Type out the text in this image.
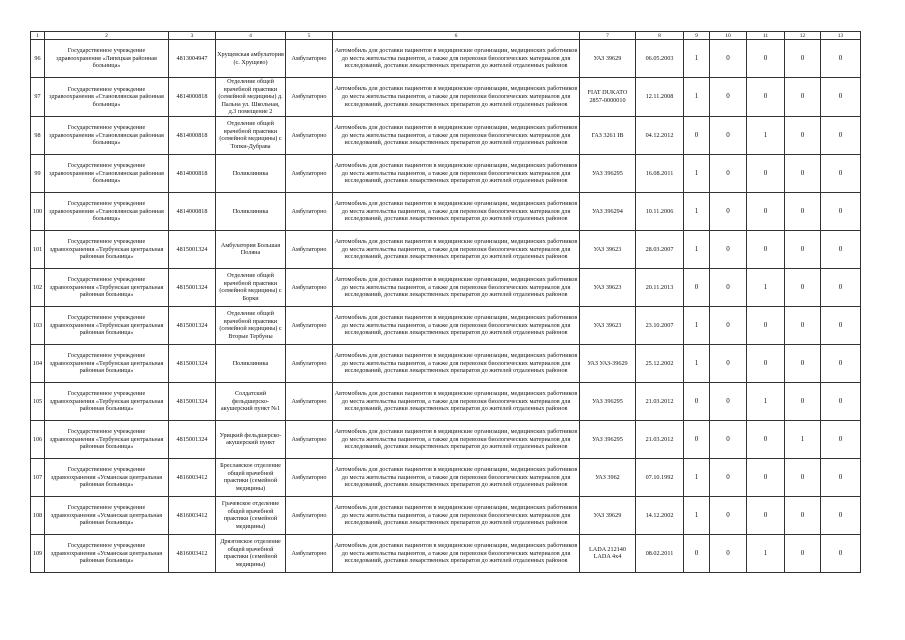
1	2	3	4	5	6	7	8	9	10	11	12	13
96	Государственное учреждение здравоохранения «Липецкая районная больница»	4813004947	Хрущевская амбулатория (с. Хрущево)	Амбулаторно	Автомобиль для доставки пациентов в медицинские организации, медицинских работников до места жительства пациентов, а также для перевозки биологических материалов для исследований, доставки лекарственных препаратов до жителей отдаленных районов	УАЗ 39629	06.05.2003	1	0	0	0	0
97	Государственное учреждение здравоохранения «Становлянская районная больница»	4814000818	Отделение общей врачебной практики (семейной медицины) д. Пальна ул. Школьная, д.3 помещение 2	Амбулаторно	Автомобиль для доставки пациентов в медицинские организации, медицинских работников до места жительства пациентов, а также для перевозки биологических материалов для исследований, доставки лекарственных препаратов до жителей отдаленных районов	FIAT DUKATO 2857-0000010	12.11.2008	1	0	0	0	0
98	Государственное учреждение здравоохранения «Становлянская районная больница»	4814000818	Отделение общей врачебной практики (семейной медицины) с Топки-Дубрава	Амбулаторно	Автомобиль для доставки пациентов в медицинские организации, медицинских работников до места жительства пациентов, а также для перевозки биологических материалов для исследований, доставки лекарственных препаратов до жителей отдаленных районов	ГАЗ 3261 IB	04.12.2012	0	0	1	0	0
99	Государственное учреждение здравоохранения «Становлянская районная больница»	4814000818	Поликлиника	Амбулаторно	Автомобиль для доставки пациентов в медицинские организации, медицинских работников до места жительства пациентов, а также для перевозки биологических материалов для исследований, доставки лекарственных препаратов до жителей отдаленных районов	УАЗ 396295	16.08.2011	1	0	0	0	0
100	Государственное учреждение здравоохранения «Становлянская районная больница»	4814000818	Поликлиника	Амбулаторно	Автомобиль для доставки пациентов в медицинские организации, медицинских работников до места жительства пациентов, а также для перевозки биологических материалов для исследований, доставки лекарственных препаратов до жителей отдаленных районов	УАЗ 396294	10.11.2006	1	0	0	0	0
101	Государственное учреждение здравоохранения «Тербунская центральная районная больница»	4815001324	Амбулатория Большая Поляна	Амбулаторно	Автомобиль для доставки пациентов в медицинские организации, медицинских работников до места жительства пациентов, а также для перевозки биологических материалов для исследований, доставки лекарственных препаратов до жителей отдаленных районов	УАЗ 39623	28.03.2007	1	0	0	0	0
102	Государственное учреждение здравоохранения «Тербунская центральная районная больница»	4815001324	Отделение общей врачебной практики (семейной медицины) с Борки	Амбулаторно	Автомобиль для доставки пациентов в медицинские организации, медицинских работников до места жительства пациентов, а также для перевозки биологических материалов для исследований, доставки лекарственных препаратов до жителей отдаленных районов	УАЗ 39623	20.11.2013	0	0	1	0	0
103	Государственное учреждение здравоохранения «Тербунская центральная районная больница»	4815001324	Отделение общей врачебной практики (семейной медицины) с Вторые Тербуны	Амбулаторно	Автомобиль для доставки пациентов в медицинские организации, медицинских работников до места жительства пациентов, а также для перевозки биологических материалов для исследований, доставки лекарственных препаратов до жителей отдаленных районов	УАЗ 39623	23.10.2007	1	0	0	0	0
104	Государственное учреждение здравоохранения «Тербунская центральная районная больница»	4815001324	Поликлиника	Амбулаторно	Автомобиль для доставки пациентов в медицинские организации, медицинских работников до места жительства пациентов, а также для перевозки биологических материалов для исследований, доставки лекарственных препаратов до жителей отдаленных районов	УАЗ УАЗ-39629	25.12.2002	1	0	0	0	0
105	Государственное учреждение здравоохранения «Тербунская центральная районная больница»	4815001324	Солдатский фельдшерско-акушерский пункт №1	Амбулаторно	Автомобиль для доставки пациентов в медицинские организации, медицинских работников до места жительства пациентов, а также для перевозки биологических материалов для исследований, доставки лекарственных препаратов до жителей отдаленных районов	УАЗ 396295	21.03.2012	0	0	1	0	0
106	Государственное учреждение здравоохранения «Тербунская центральная районная больница»	4815001324	Урицкий фельдшерско-акушерский пункт	Амбулаторно	Автомобиль для доставки пациентов в медицинские организации, медицинских работников до места жительства пациентов, а также для перевозки биологических материалов для исследований, доставки лекарственных препаратов до жителей отдаленных районов	УАЗ 396295	21.03.2012	0	0	0	1	0
107	Государственное учреждение здравоохранения «Усманская центральная районная больница»	4816003412	Бреславское отделение общей врачебной практики (семейной медицины)	Амбулаторно	Автомобиль для доставки пациентов в медицинские организации, медицинских работников до места жительства пациентов, а также для перевозки биологических материалов для исследований, доставки лекарственных препаратов до жителей отдаленных районов	УАЗ 3962	07.10.1992	1	0	0	0	0
108	Государственное учреждение здравоохранения «Усманская центральная районная больница»	4816003412	Грачевское отделение общей врачебной практики (семейной медицины)	Амбулаторно	Автомобиль для доставки пациентов в медицинские организации, медицинских работников до места жительства пациентов, а также для перевозки биологических материалов для исследований, доставки лекарственных препаратов до жителей отдаленных районов	УАЗ 39629	14.12.2002	1	0	0	0	0
109	Государственное учреждение здравоохранения «Усманская центральная районная больница»	4816003412	Дрязговское отделение общей врачебной практики (семейной медицины)	Амбулаторно	Автомобиль для доставки пациентов в медицинские организации, медицинских работников до места жительства пациентов, а также для перевозки биологических материалов для исследований, доставки лекарственных препаратов до жителей отдаленных районов	LADA 212140 LADA 4x4	08.02.2011	0	0	1	0	0
